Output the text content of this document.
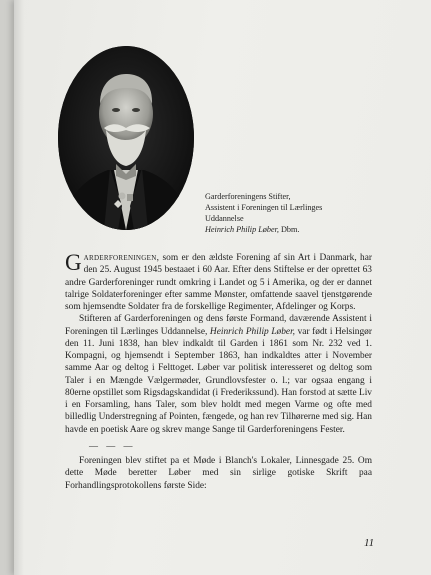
Garderforeningens Stifter,
Assistent i Foreningen til Lærlinges
Uddannelse
Heinrich Philip Løber, Dbm.

Garderforeningen, som er den ældste Forening af sin Art i Danmark, har den 25. August 1945 bestaaet i 60 Aar. Efter dens Stiftelse er der oprettet 63 andre Garderforeninger rundt omkring i Landet og 5 i Amerika, og der er dannet talrige Soldaterforeninger efter samme Mønster, omfattende saavel tjenstgørende som hjemsendte Soldater fra de forskellige Regimenter, Afdelinger og Korps.

Stifteren af Garderforeningen og dens første Formand, daværende Assistent i Foreningen til Lærlinges Uddannelse, Heinrich Philip Løber, var født i Helsingør den 11. Juni 1838, han blev indkaldt til Garden i 1861 som Nr. 232 ved 1. Kompagni, og hjemsendt i September 1863, han indkaldtes atter i November samme Aar og deltog i Felttoget. Løber var politisk interesseret og deltog som Taler i en Mængde Vælgermøder, Grundlovsfester o. l.; var ogsaa engang i 80erne opstillet som Rigsdagskandidat (i Frederikssund). Han forstod at sætte Liv i en Forsamling, hans Taler, som blev holdt med megen Varme og ofte med billedlig Understregning af Pointen, fængede, og han rev Tilhørerne med sig. Han havde en poetisk Aare og skrev mange Sange til Garderforeningens Fester.

— — —

Foreningen blev stiftet pa et Møde i Blanch's Lokaler, Linnesgade 25. Om dette Møde beretter Løber med sin sirlige gotiske Skrift paa Forhandlingsprotokollens første Side:

11
